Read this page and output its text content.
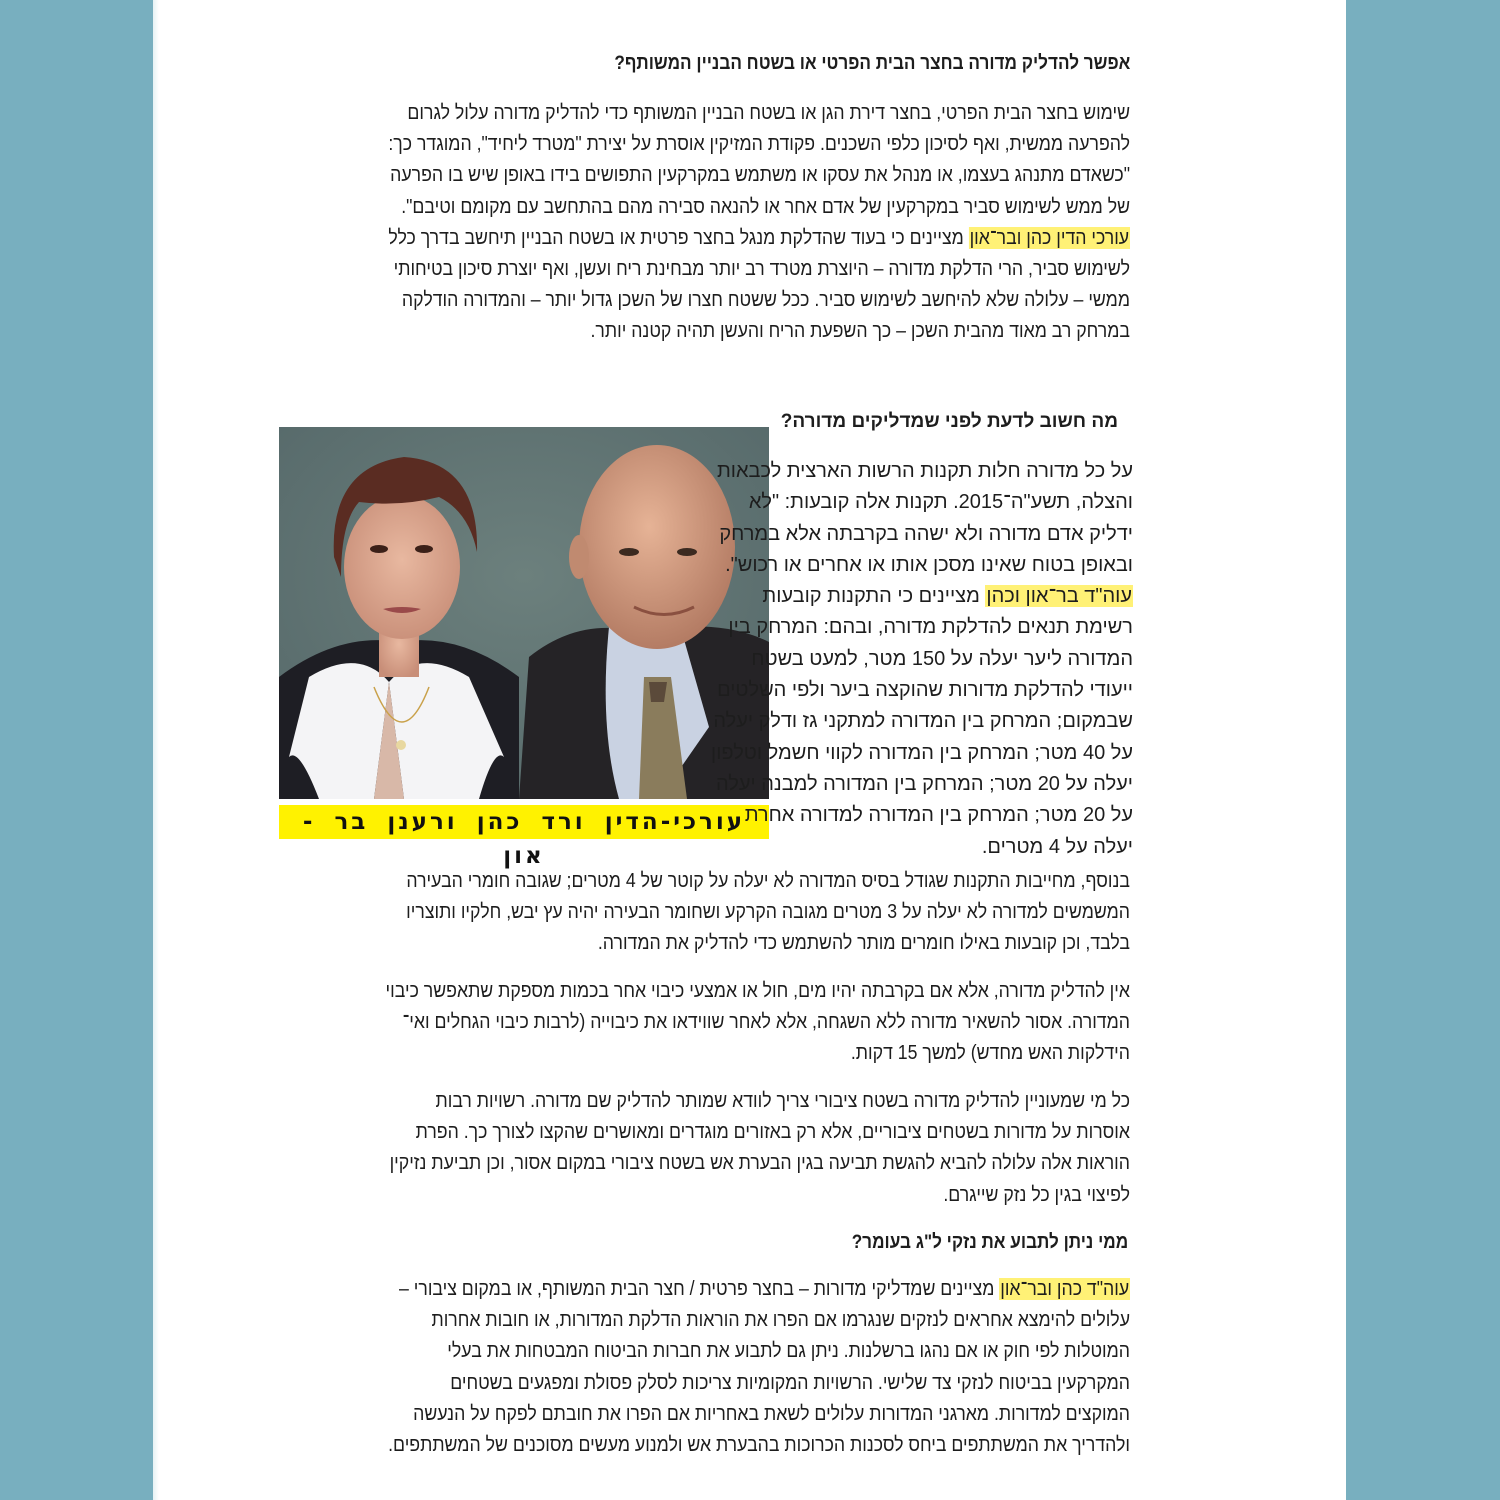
אפשר להדליק מדורה בחצר הבית הפרטי או בשטח הבניין המשותף?
שימוש בחצר הבית הפרטי, בחצר דירת הגן או בשטח הבניין המשותף כדי להדליק מדורה עלול לגרום
להפרעה ממשית, ואף לסיכון כלפי השכנים. פקודת המזיקין אוסרת על יצירת "מטרד ליחיד", המוגדר כך:
"כשאדם מתנהג בעצמו, או מנהל את עסקו או משתמש במקרקעין התפושים בידו באופן שיש בו הפרעה
של ממש לשימוש סביר במקרקעין של אדם אחר או להנאה סבירה מהם בהתחשב עם מקומם וטיבם".
עורכי הדין כהן ובר־און מציינים כי בעוד שהדלקת מנגל בחצר פרטית או בשטח הבניין תיחשב בדרך כלל
לשימוש סביר, הרי הדלקת מדורה – היוצרת מטרד רב יותר מבחינת ריח ועשן, ואף יוצרת סיכון בטיחותי
ממשי – עלולה שלא להיחשב לשימוש סביר. ככל ששטח חצרו של השכן גדול יותר – והמדורה הודלקה
במרחק רב מאוד מהבית השכן – כך השפעת הריח והעשן תהיה קטנה יותר.
עורכי-הדין ורד כהן ורענן בר - און
מה חשוב לדעת לפני שמדליקים מדורה?
על כל מדורה חלות תקנות הרשות הארצית לכבאות
והצלה, תשע"ה־2015. תקנות אלה קובעות: "לא
ידליק אדם מדורה ולא ישהה בקרבתה אלא במרחק
ובאופן בטוח שאינו מסכן אותו או אחרים או רכוש".
עוה"ד בר־און וכהן מציינים כי התקנות קובעות
רשימת תנאים להדלקת מדורה, ובהם: המרחק בין
המדורה ליער יעלה על 150 מטר, למעט בשטח
ייעודי להדלקת מדורות שהוקצה ביער ולפי השלטים
שבמקום; המרחק בין המדורה למתקני גז ודלק יעלה
על 40 מטר; המרחק בין המדורה לקווי חשמל וטלפון
יעלה על 20 מטר; המרחק בין המדורה למבנה יעלה
על 20 מטר; המרחק בין המדורה למדורה אחרת
יעלה על 4 מטרים.
בנוסף, מחייבות התקנות שגודל בסיס המדורה לא יעלה על קוטר של 4 מטרים; שגובה חומרי הבעירה
המשמשים למדורה לא יעלה על 3 מטרים מגובה הקרקע ושחומר הבעירה יהיה עץ יבש, חלקיו ותוצריו
בלבד, וכן קובעות באילו חומרים מותר להשתמש כדי להדליק את המדורה.
אין להדליק מדורה, אלא אם בקרבתה יהיו מים, חול או אמצעי כיבוי אחר בכמות מספקת שתאפשר כיבוי
המדורה. אסור להשאיר מדורה ללא השגחה, אלא לאחר שווידאו את כיבוייה (לרבות כיבוי הגחלים ואי־
הידלקות האש מחדש) למשך 15 דקות.
כל מי שמעוניין להדליק מדורה בשטח ציבורי צריך לוודא שמותר להדליק שם מדורה. רשויות רבות
אוסרות על מדורות בשטחים ציבוריים, אלא רק באזורים מוגדרים ומאושרים שהקצו לצורך כך. הפרת
הוראות אלה עלולה להביא להגשת תביעה בגין הבערת אש בשטח ציבורי במקום אסור, וכן תביעת נזיקין
לפיצוי בגין כל נזק שייגרם.
ממי ניתן לתבוע את נזקי ל"ג בעומר?
עוה"ד כהן ובר־און מציינים שמדליקי מדורות – בחצר פרטית / חצר הבית המשותף, או במקום ציבורי –
עלולים להימצא אחראים לנזקים שנגרמו אם הפרו את הוראות הדלקת המדורות, או חובות אחרות
המוטלות לפי חוק או אם נהגו ברשלנות. ניתן גם לתבוע את חברות הביטוח המבטחות את בעלי
המקרקעין בביטוח לנזקי צד שלישי. הרשויות המקומיות צריכות לסלק פסולת ומפגעים בשטחים
המוקצים למדורות. מארגני המדורות עלולים לשאת באחריות אם הפרו את חובתם לפקח על הנעשה
ולהדריך את המשתתפים ביחס לסכנות הכרוכות בהבערת אש ולמנוע מעשים מסוכנים של המשתתפים.
